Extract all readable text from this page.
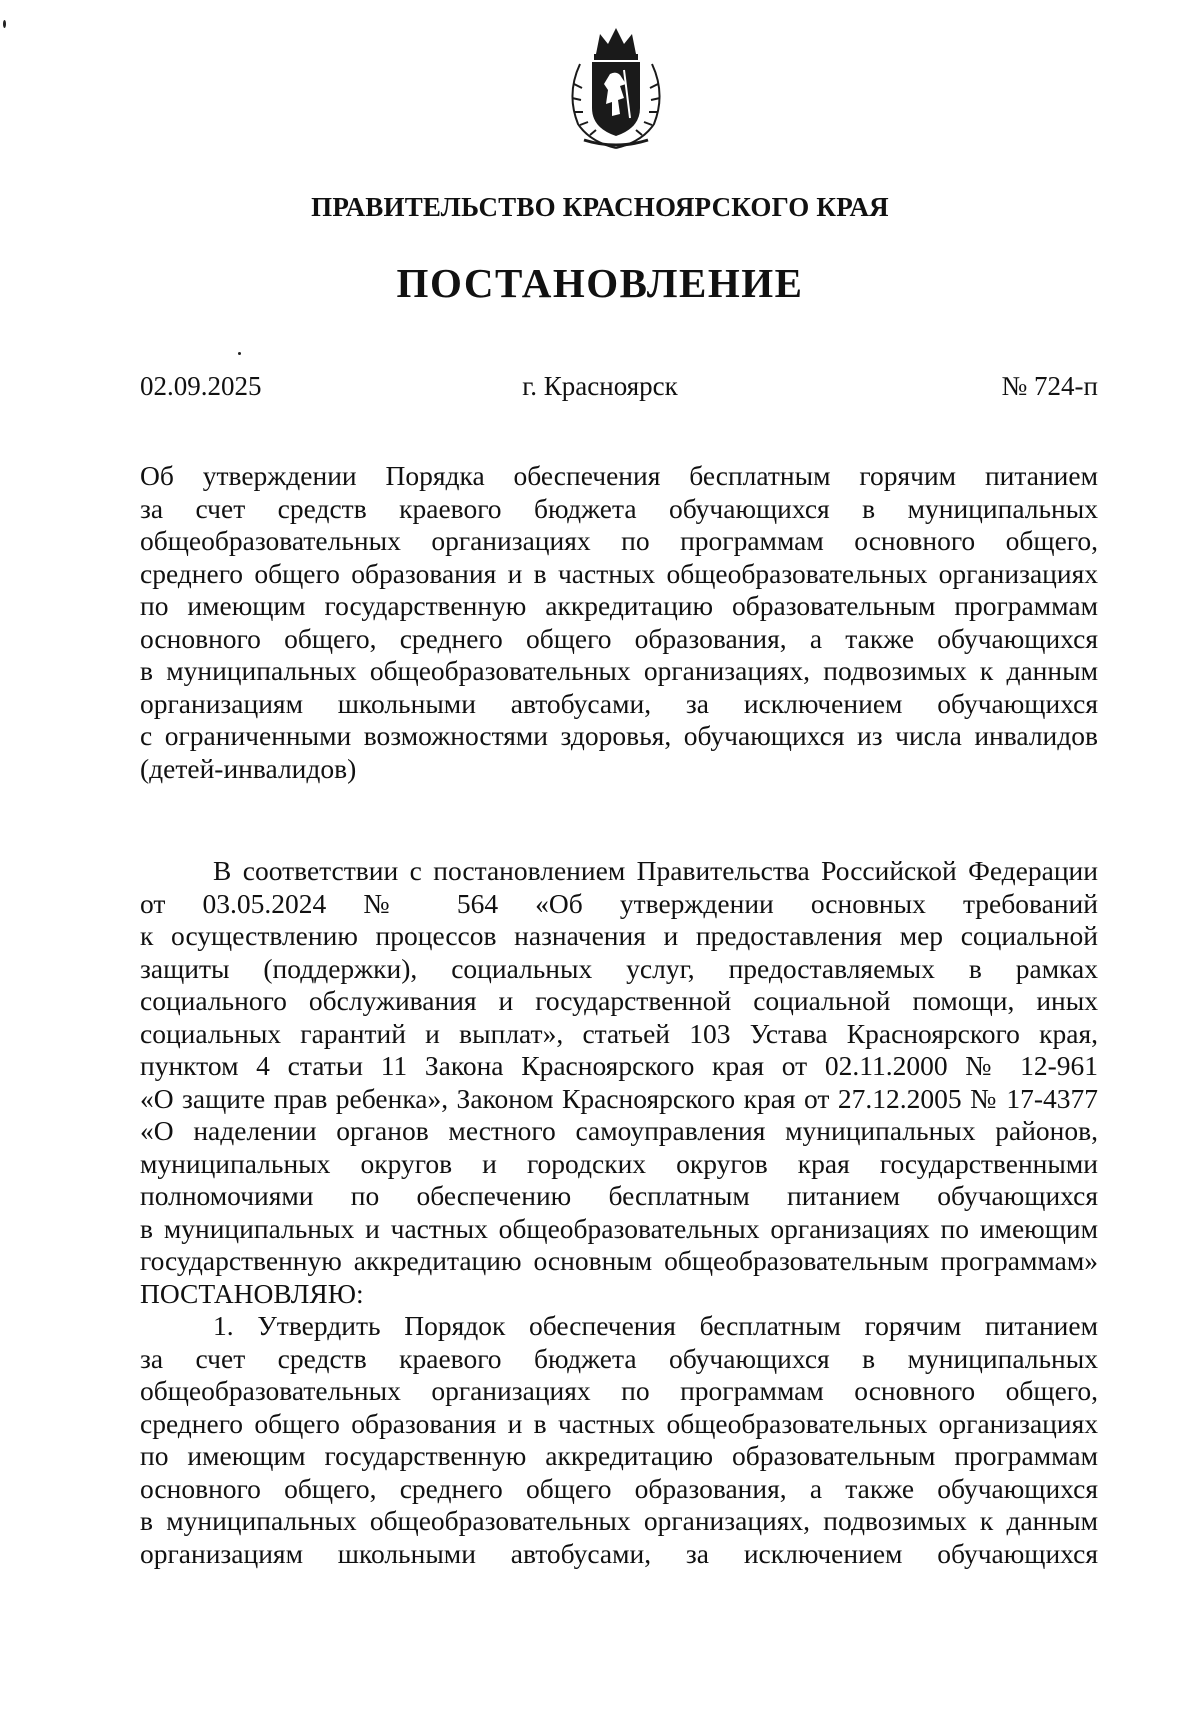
ПРАВИТЕЛЬСТВО КРАСНОЯРСКОГО КРАЯ
ПОСТАНОВЛЕНИЕ
02.09.2025	г. Красноярск	№ 724-п
Об утверждении Порядка обеспечения бесплатным горячим питанием
за счет средств краевого бюджета обучающихся в муниципальных
общеобразовательных организациях по программам основного общего,
среднего общего образования и в частных общеобразовательных организациях
по имеющим государственную аккредитацию образовательным программам
основного общего, среднего общего образования, а также обучающихся
в муниципальных общеобразовательных организациях, подвозимых к данным
организациям школьными автобусами, за исключением обучающихся
с ограниченными возможностями здоровья, обучающихся из числа инвалидов
(детей-инвалидов)
В соответствии с постановлением Правительства Российской Федерации
от 03.05.2024 № 564 «Об утверждении основных требований
к осуществлению процессов назначения и предоставления мер социальной
защиты (поддержки), социальных услуг, предоставляемых в рамках
социального обслуживания и государственной социальной помощи, иных
социальных гарантий и выплат», статьей 103 Устава Красноярского края,
пунктом 4 статьи 11 Закона Красноярского края от 02.11.2000 № 12-961
«О защите прав ребенка», Законом Красноярского края от 27.12.2005 № 17-4377
«О наделении органов местного самоуправления муниципальных районов,
муниципальных округов и городских округов края государственными
полномочиями по обеспечению бесплатным питанием обучающихся
в муниципальных и частных общеобразовательных организациях по имеющим
государственную аккредитацию основным общеобразовательным программам»
ПОСТАНОВЛЯЮ:
1. Утвердить Порядок обеспечения бесплатным горячим питанием
за счет средств краевого бюджета обучающихся в муниципальных
общеобразовательных организациях по программам основного общего,
среднего общего образования и в частных общеобразовательных организациях
по имеющим государственную аккредитацию образовательным программам
основного общего, среднего общего образования, а также обучающихся
в муниципальных общеобразовательных организациях, подвозимых к данным
организациям школьными автобусами, за исключением обучающихся
